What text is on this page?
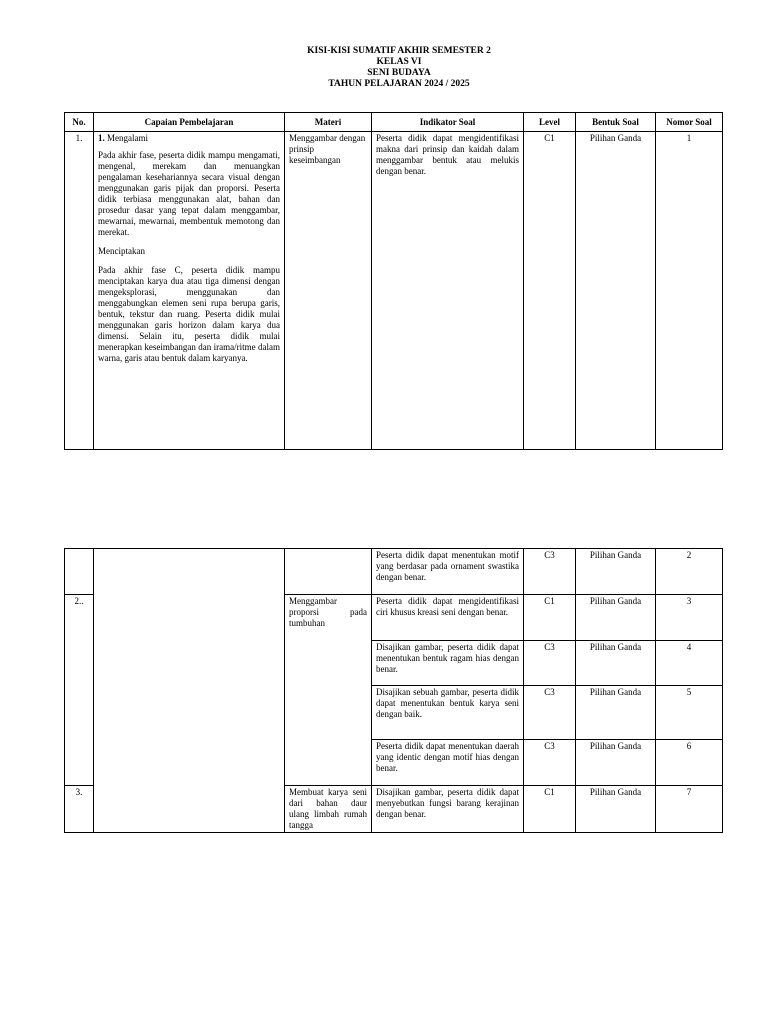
KISI-KISI SUMATIF AKHIR SEMESTER 2
KELAS VI
SENI BUDAYA
TAHUN PELAJARAN 2024 / 2025
No.	Capaian Pembelajaran	Materi	Indikator Soal	Level	Bentuk Soal	Nomor Soal
1.	1. Mengalami

Pada akhir fase, peserta didik mampu mengamati, mengenal, merekam dan menuangkan pengalaman kesehariannya secara visual dengan menggunakan garis pijak dan proporsi. Peserta didik terbiasa menggunakan alat, bahan dan prosedur dasar yang tepat dalam menggambar, mewarnai, mewarnai, membentuk memotong dan merekat.

Menciptakan

Pada akhir fase C, peserta didik mampu menciptakan karya dua atau tiga dimensi dengan mengeksplorasi, menggunakan dan menggabungkan elemen seni rupa berupa garis, bentuk, tekstur dan ruang. Peserta didik mulai menggunakan garis horizon dalam karya dua dimensi. Selain itu, peserta didik mulai menerapkan keseimbangan dan irama/ritme dalam warna, garis atau bentuk dalam karyanya.	Menggambar dengan prinsip keseimbangan	Peserta didik dapat mengidentifikasi makna dari prinsip dan kaidah dalam menggambar bentuk atau melukis dengan benar.	C1	Pilihan Ganda	1
			Peserta didik dapat menentukan motif yang berdasar pada ornament swastika dengan benar.	C3	Pilihan Ganda	2
2..		Menggambar proporsi pada tumbuhan	Peserta didik dapat mengidentifikasi ciri khusus kreasi seni dengan benar.	C1	Pilihan Ganda	3
			Disajikan gambar, peserta didik dapat menentukan bentuk ragam hias dengan benar.	C3	Pilihan Ganda	4
			Disajikan sebuah gambar, peserta didik dapat menentukan bentuk karya seni dengan baik.	C3	Pilihan Ganda	5
			Peserta didik dapat menentukan daerah yang identic dengan motif hias dengan benar.	C3	Pilihan Ganda	6

3.		Membuat karya seni dari bahan daur ulang limbah rumah tangga	Disajikan gambar, peserta didik dapat menyebutkan fungsi barang kerajinan dengan benar.	C1	Pilihan Ganda	7
